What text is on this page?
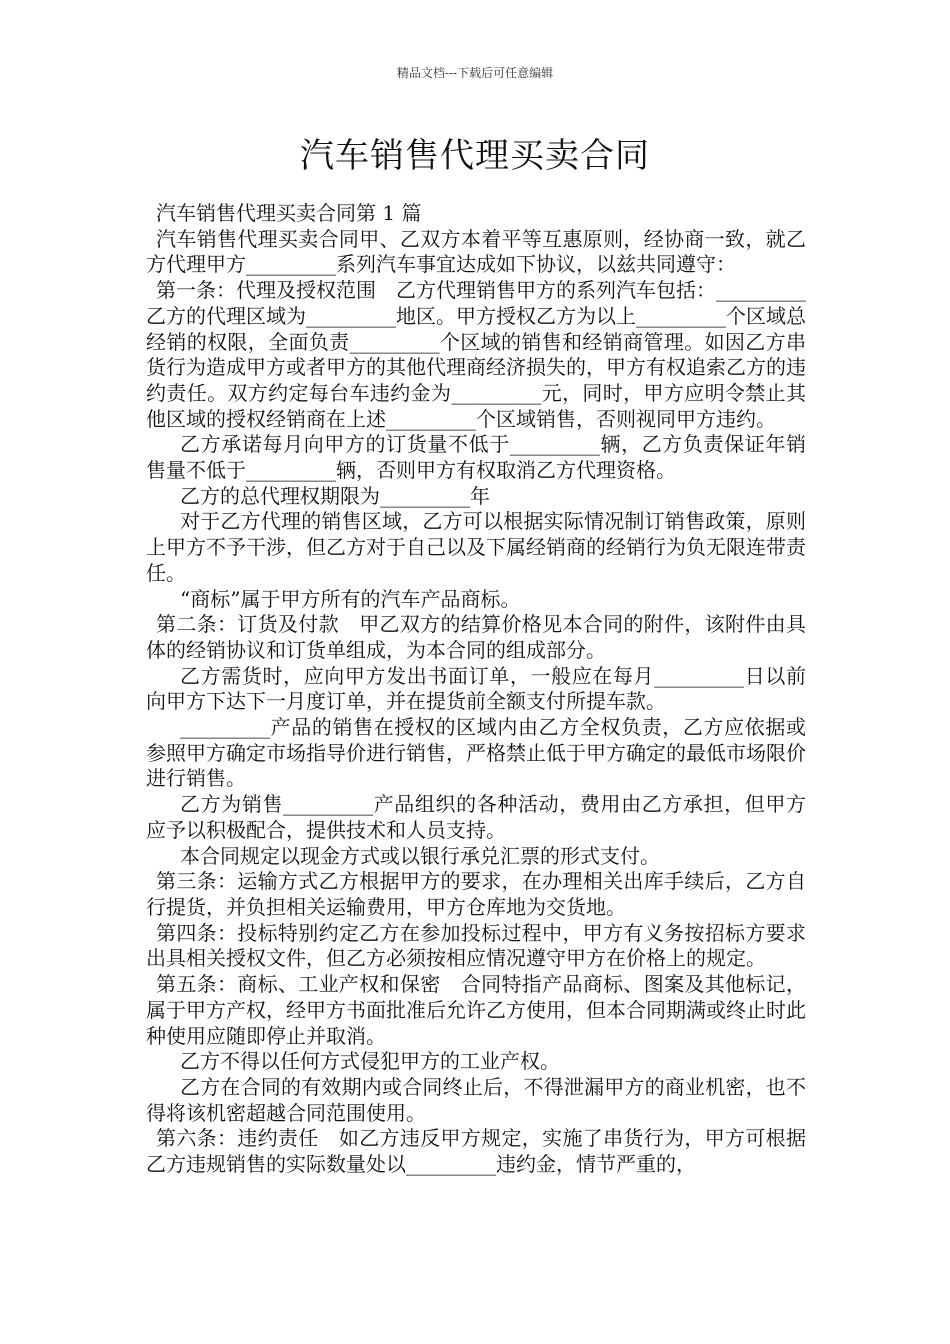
精品文档---下载后可任意编辑
汽车销售代理买卖合同

汽车销售代理买卖合同第 1 篇

汽车销售代理买卖合同甲、乙双方本着平等互惠原则，经协商一致，就乙方代理甲方_________系列汽车事宜达成如下协议，以兹共同遵守：

第一条：代理及授权范围　乙方代理销售甲方的系列汽车包括：_________　　乙方的代理区域为_________地区。甲方授权乙方为以上_________个区域总经销的权限，全面负责_________个区域的销售和经销商管理。如因乙方串货行为造成甲方或者甲方的其他代理商经济损失的，甲方有权追索乙方的违约责任。双方约定每台车违约金为_________元，同时，甲方应明令禁止其他区域的授权经销商在上述_________个区域销售，否则视同甲方违约。

乙方承诺每月向甲方的订货量不低于_________辆，乙方负责保证年销售量不低于_________辆，否则甲方有权取消乙方代理资格。

乙方的总代理权期限为_________年

对于乙方代理的销售区域，乙方可以根据实际情况制订销售政策，原则上甲方不予干涉，但乙方对于自己以及下属经销商的经销行为负无限连带责任。

“商标”属于甲方所有的汽车产品商标。

第二条：订货及付款　甲乙双方的结算价格见本合同的附件，该附件由具体的经销协议和订货单组成，为本合同的组成部分。

乙方需货时，应向甲方发出书面订单，一般应在每月_________日以前向甲方下达下一月度订单，并在提货前全额支付所提车款。

_________产品的销售在授权的区域内由乙方全权负责，乙方应依据或参照甲方确定市场指导价进行销售，严格禁止低于甲方确定的最低市场限价进行销售。

乙方为销售_________产品组织的各种活动，费用由乙方承担，但甲方应予以积极配合，提供技术和人员支持。

本合同规定以现金方式或以银行承兑汇票的形式支付。

第三条：运输方式乙方根据甲方的要求，在办理相关出库手续后，乙方自行提货，并负担相关运输费用，甲方仓库地为交货地。

第四条：投标特别约定乙方在参加投标过程中，甲方有义务按招标方要求出具相关授权文件，但乙方必须按相应情况遵守甲方在价格上的规定。

第五条：商标、工业产权和保密　合同特指产品商标、图案及其他标记，属于甲方产权，经甲方书面批准后允许乙方使用，但本合同期满或终止时此种使用应随即停止并取消。

乙方不得以任何方式侵犯甲方的工业产权。

乙方在合同的有效期内或合同终止后，不得泄漏甲方的商业机密，也不得将该机密超越合同范围使用。

第六条：违约责任　如乙方违反甲方规定，实施了串货行为，甲方可根据乙方违规销售的实际数量处以_________违约金，情节严重的，
